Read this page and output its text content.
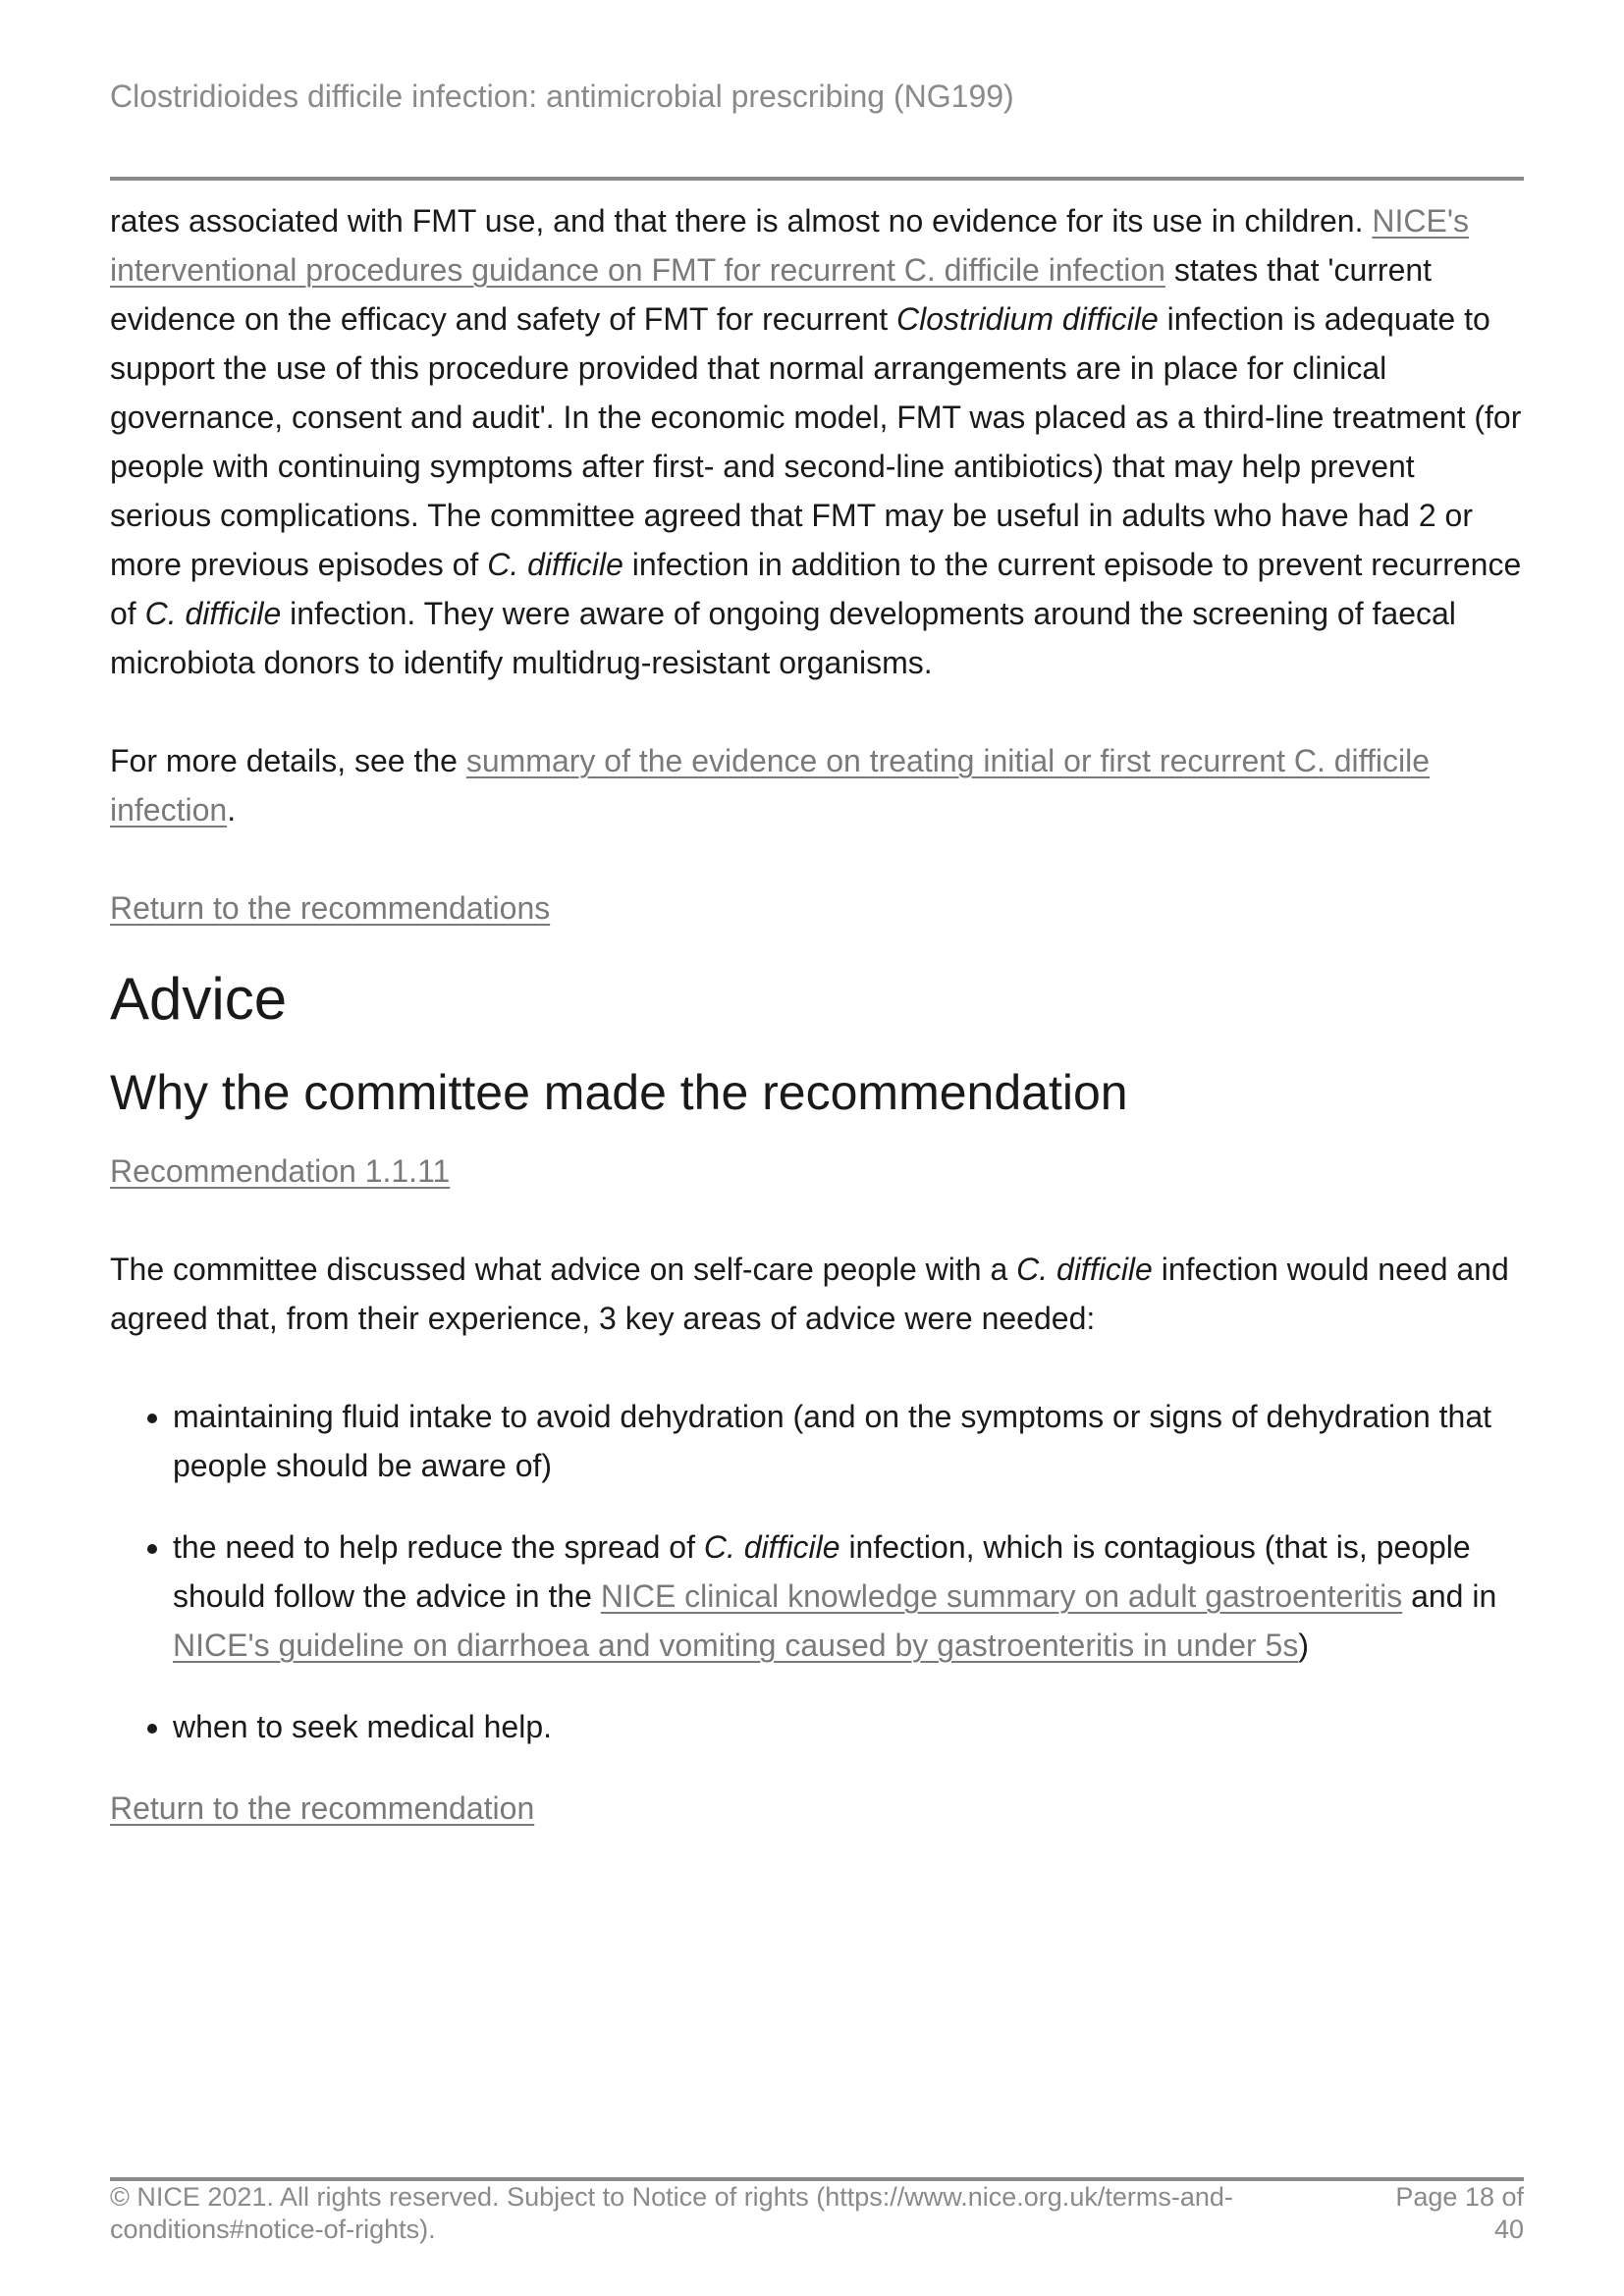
Clostridioides difficile infection: antimicrobial prescribing (NG199)

rates associated with FMT use, and that there is almost no evidence for its use in children. NICE's interventional procedures guidance on FMT for recurrent C. difficile infection states that 'current evidence on the efficacy and safety of FMT for recurrent Clostridium difficile infection is adequate to support the use of this procedure provided that normal arrangements are in place for clinical governance, consent and audit'. In the economic model, FMT was placed as a third-line treatment (for people with continuing symptoms after first- and second-line antibiotics) that may help prevent serious complications. The committee agreed that FMT may be useful in adults who have had 2 or more previous episodes of C. difficile infection in addition to the current episode to prevent recurrence of C. difficile infection. They were aware of ongoing developments around the screening of faecal microbiota donors to identify multidrug-resistant organisms.

For more details, see the summary of the evidence on treating initial or first recurrent C. difficile infection.

Return to the recommendations
Advice
Why the committee made the recommendation
Recommendation 1.1.11

The committee discussed what advice on self-care people with a C. difficile infection would need and agreed that, from their experience, 3 key areas of advice were needed:

• maintaining fluid intake to avoid dehydration (and on the symptoms or signs of dehydration that people should be aware of)
• the need to help reduce the spread of C. difficile infection, which is contagious (that is, people should follow the advice in the NICE clinical knowledge summary on adult gastroenteritis and in NICE's guideline on diarrhoea and vomiting caused by gastroenteritis in under 5s)
• when to seek medical help.
Return to the recommendation
© NICE 2021. All rights reserved. Subject to Notice of rights (https://www.nice.org.uk/terms-and-conditions#notice-of-rights).
Page 18 of 40
